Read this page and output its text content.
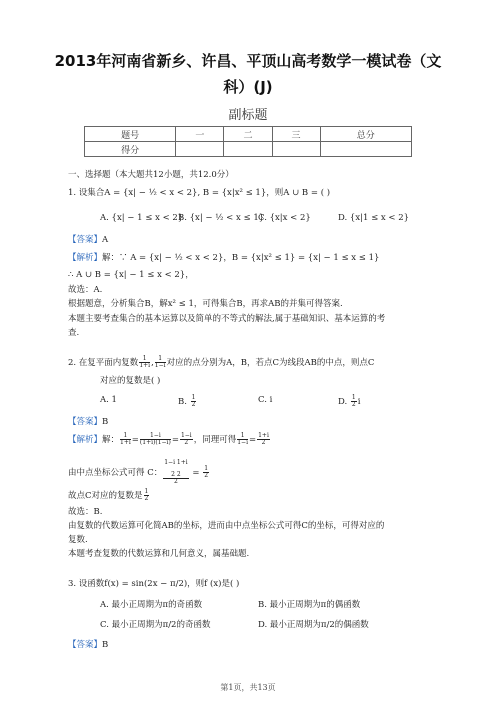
2013年河南省新乡、许昌、平顶山高考数学一模试卷（文
科）(J)
副标题
题号	一	二	三	总分
得分				
一、选择题（本大题共12小题，共12.0分）
1. 设集合A = {x| − ½ < x < 2}, B = {x|x² ≤ 1}，则A ∪ B = ( )
A. {x| − 1 ≤ x < 2}
B. {x| − ½ < x ≤ 1}
C. {x|x < 2}	D. {x|1 ≤ x < 2}
【答案】A
【解析】解：∵ A = {x| − ½ < x < 2}，B = {x|x² ≤ 1} = {x| − 1 ≤ x ≤ 1}
∴ A ∪ B = {x| − 1 ≤ x < 2}，
故选：A.
根据题意，分析集合B，解x² ≤ 1，可得集合B，再求AB的并集可得答案.
本题主要考查集合的基本运算以及简单的不等式的解法,属于基础知识、基本运算的考
查.
2. 在复平面内复数 $\frac{1}{1+i}$ , $\frac{1}{1-i}$ 对应的点分别为A，B，若点C为线段AB的中点，则点C
对应的复数是( )
A. 1	B. $\frac{1}{2}$	C. i	D. $\frac{1}{2}$ i
【答案】B
【解析】解： $\frac{1}{1+i} = \frac{1-i}{(1+i)(1-i)} = \frac{1-i}{2}$ ，同理可得 $\frac{1}{1-i} = \frac{1+i}{2}$
由中点坐标公式可得 C：
1−i 1+i

2 2
2
= $\frac{1}{2}$
故点C对应的复数是 $\frac{1}{2}$
故选：B.
由复数的代数运算可化简AB的坐标，进而由中点坐标公式可得C的坐标，可得对应的
复数.
本题考查复数的代数运算和几何意义，属基础题.
3. 设函数f(x) = sin(2x − π/2)，则f (x)是( )
A. 最小正周期为π的奇函数	B. 最小正周期为π的偶函数
C. 最小正周期为π/2的奇函数	D. 最小正周期为π/2的偶函数
【答案】B
第1页，共13页
